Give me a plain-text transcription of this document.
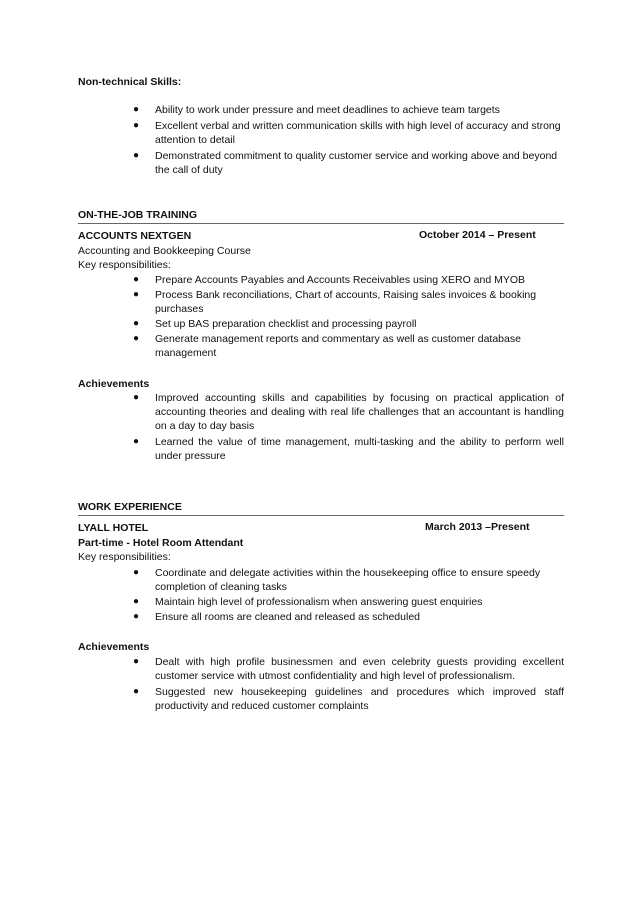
Non-technical Skills:
● Ability to work under pressure and meet deadlines to achieve team targets
● Excellent verbal and written communication skills with high level of accuracy and strong attention to detail
● Demonstrated commitment to quality customer service and working above and beyond the call of duty
ON-THE-JOB TRAINING
ACCOUNTS NEXTGEN	October 2014 – Present
Accounting and Bookkeeping Course
Key responsibilities:
● Prepare Accounts Payables and Accounts Receivables using XERO and MYOB
● Process Bank reconciliations, Chart of accounts, Raising sales invoices & booking purchases
● Set up BAS preparation checklist and processing payroll
● Generate management reports and commentary as well as customer database management
Achievements
● Improved accounting skills and capabilities by focusing on practical application of accounting theories and dealing with real life challenges that an accountant is handling on a day to day basis
● Learned the value of time management, multi-tasking and the ability to perform well under pressure
WORK EXPERIENCE
LYALL HOTEL	March 2013 –Present
Part-time - Hotel Room Attendant
Key responsibilities:
● Coordinate and delegate activities within the housekeeping office to ensure speedy completion of cleaning tasks
● Maintain high level of professionalism when answering guest enquiries
● Ensure all rooms are cleaned and released as scheduled
Achievements
● Dealt with high profile businessmen and even celebrity guests providing excellent customer service with utmost confidentiality and high level of professionalism.
● Suggested new housekeeping guidelines and procedures which improved staff productivity and reduced customer complaints
